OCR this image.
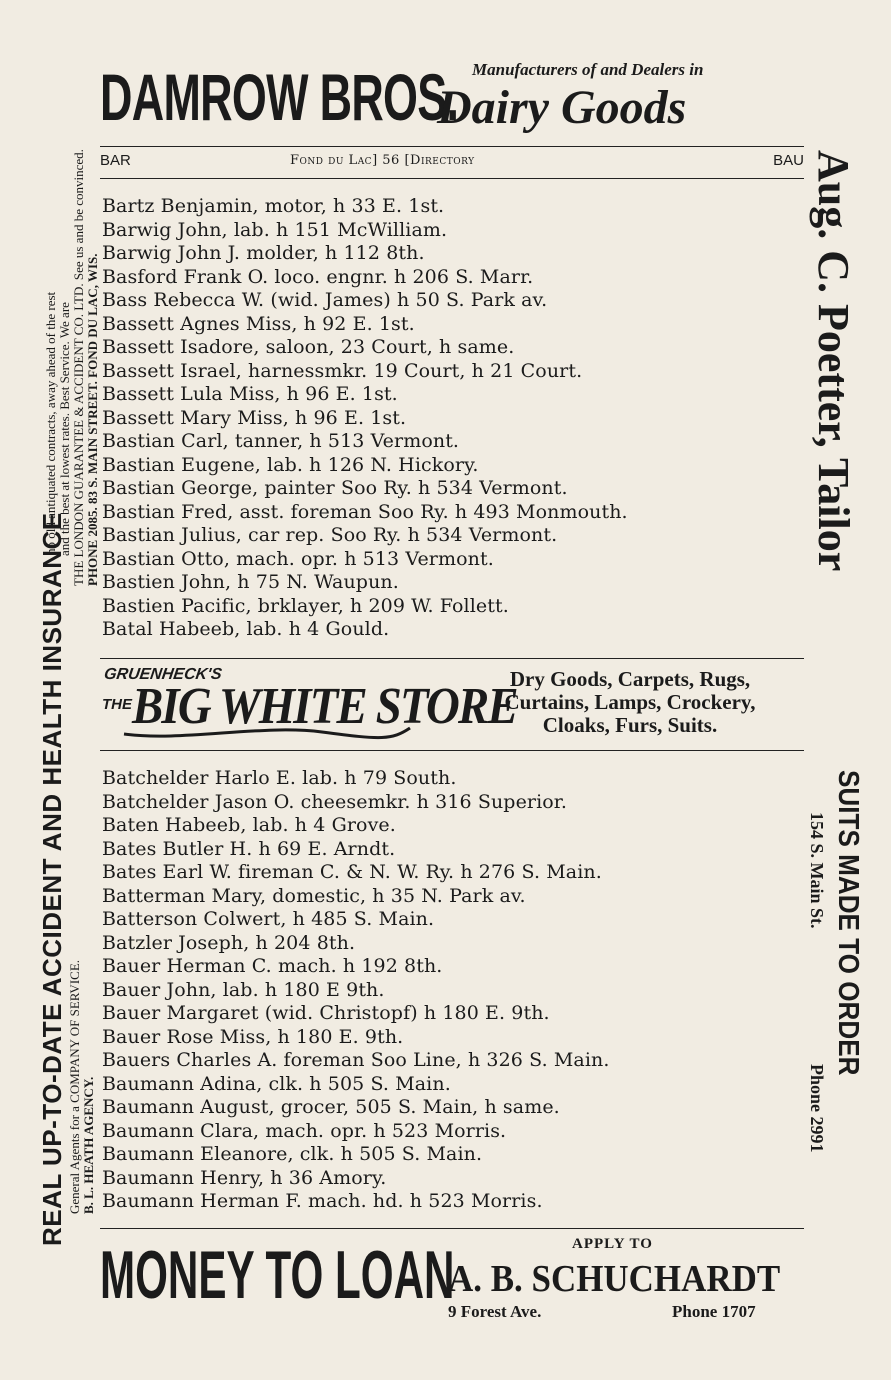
DAMROW BROS. Manufacturers of and Dealers in
Dairy Goods
BAR	Fond du Lac] 56 [Directory	BAU
Bartz Benjamin, motor, h 33 E. 1st.
Barwig John, lab. h 151 McWilliam.
Barwig John J. molder, h 112 8th.
Basford Frank O. loco. engnr. h 206 S. Marr.
Bass Rebecca W. (wid. James) h 50 S. Park av.
Bassett Agnes Miss, h 92 E. 1st.
Bassett Isadore, saloon, 23 Court, h same.
Bassett Israel, harnessmkr. 19 Court, h 21 Court.
Bassett Lula Miss, h 96 E. 1st.
Bassett Mary Miss, h 96 E. 1st.
Bastian Carl, tanner, h 513 Vermont.
Bastian Eugene, lab. h 126 N. Hickory.
Bastian George, painter Soo Ry. h 534 Vermont.
Bastian Fred, asst. foreman Soo Ry. h 493 Monmouth.
Bastian Julius, car rep. Soo Ry. h 534 Vermont.
Bastian Otto, mach. opr. h 513 Vermont.
Bastien John, h 75 N. Waupun.
Bastien Pacific, brklayer, h 209 W. Follett.
Batal Habeeb, lab. h 4 Gould.
GRUENHECK'S
THE BIG WHITE STORE
Dry Goods, Carpets, Rugs,
Curtains, Lamps, Crockery,
Cloaks, Furs, Suits.
Batchelder Harlo E. lab. h 79 South.
Batchelder Jason O. cheesemkr. h 316 Superior.
Baten Habeeb, lab. h 4 Grove.
Bates Butler H. h 69 E. Arndt.
Bates Earl W. fireman C. & N. W. Ry. h 276 S. Main.
Batterman Mary, domestic, h 35 N. Park av.
Batterson Colwert, h 485 S. Main.
Batzler Joseph, h 204 8th.
Bauer Herman C. mach. h 192 8th.
Bauer John, lab. h 180 E 9th.
Bauer Margaret (wid. Christopf) h 180 E. 9th.
Bauer Rose Miss, h 180 E. 9th.
Bauers Charles A. foreman Soo Line, h 326 S. Main.
Baumann Adina, clk. h 505 S. Main.
Baumann August, grocer, 505 S. Main, h same.
Baumann Clara, mach. opr. h 523 Morris.
Baumann Eleanore, clk. h 505 S. Main.
Baumann Henry, h 36 Amory.
Baumann Herman F. mach. hd. h 523 Morris.
MONEY TO LOAN	APPLY TO
A. B. SCHUCHARDT
9 Forest Ave.	Phone 1707
Aug. C. Poetter, Tailor
SUITS MADE TO ORDER
154 S. Main St.
Phone 2991
REAL UP-TO-DATE ACCIDENT AND HEALTH INSURANCE
no old antiquated contracts, away ahead of the rest and the best at lowest rates. Best Service. We are THE LONDON GUARANTEE & ACCIDENT CO. LTD. See us and be convinced. PHONE 2085. 83 S. MAIN STREET. FOND DU LAC, WIS.
General Agents for a COMPANY OF SERVICE. B. L. HEATH AGENCY.
